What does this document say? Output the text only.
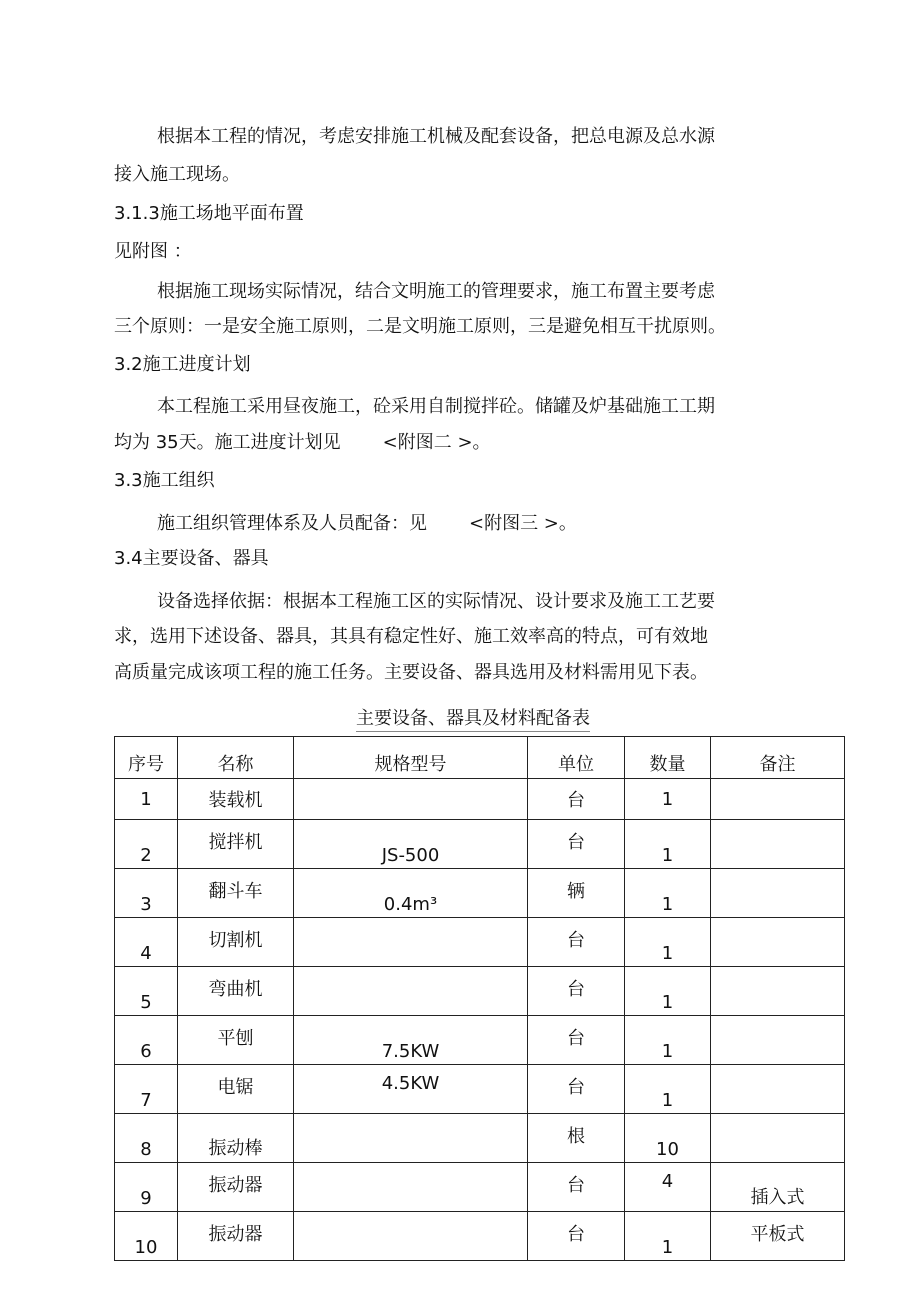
根据本工程的情况，考虑安排施工机械及配套设备，把总电源及总水源
接入施工现场。
3.1.3施工场地平面布置
见附图 ：
根据施工现场实际情况，结合文明施工的管理要求，施工布置主要考虑
三个原则：一是安全施工原则，二是文明施工原则，三是避免相互干扰原则。
3.2施工进度计划
本工程施工采用昼夜施工，砼采用自制搅拌砼。储罐及炉基础施工工期
均为 35天。施工进度计划见 <附图二 >。
3.3施工组织
施工组织管理体系及人员配备：见 <附图三 >。
3.4主要设备、器具
设备选择依据：根据本工程施工区的实际情况、设计要求及施工工艺要
求，选用下述设备、器具，其具有稳定性好、施工效率高的特点，可有效地
高质量完成该项工程的施工任务。主要设备、器具选用及材料需用见下表。
主要设备、器具及材料配备表
序号	名称	规格型号	单位	数量	备注
1	装载机		台	1	
2	搅拌机	JS-500	台	1	
3	翻斗车	0.4m³	辆	1	
4	切割机		台	1	
5	弯曲机		台	1	
6	平刨	7.5KW	台	1	
7	电锯	4.5KW	台	1	
8	振动棒		根	10	
9	振动器		台	4	插入式
10	振动器		台	1	平板式
